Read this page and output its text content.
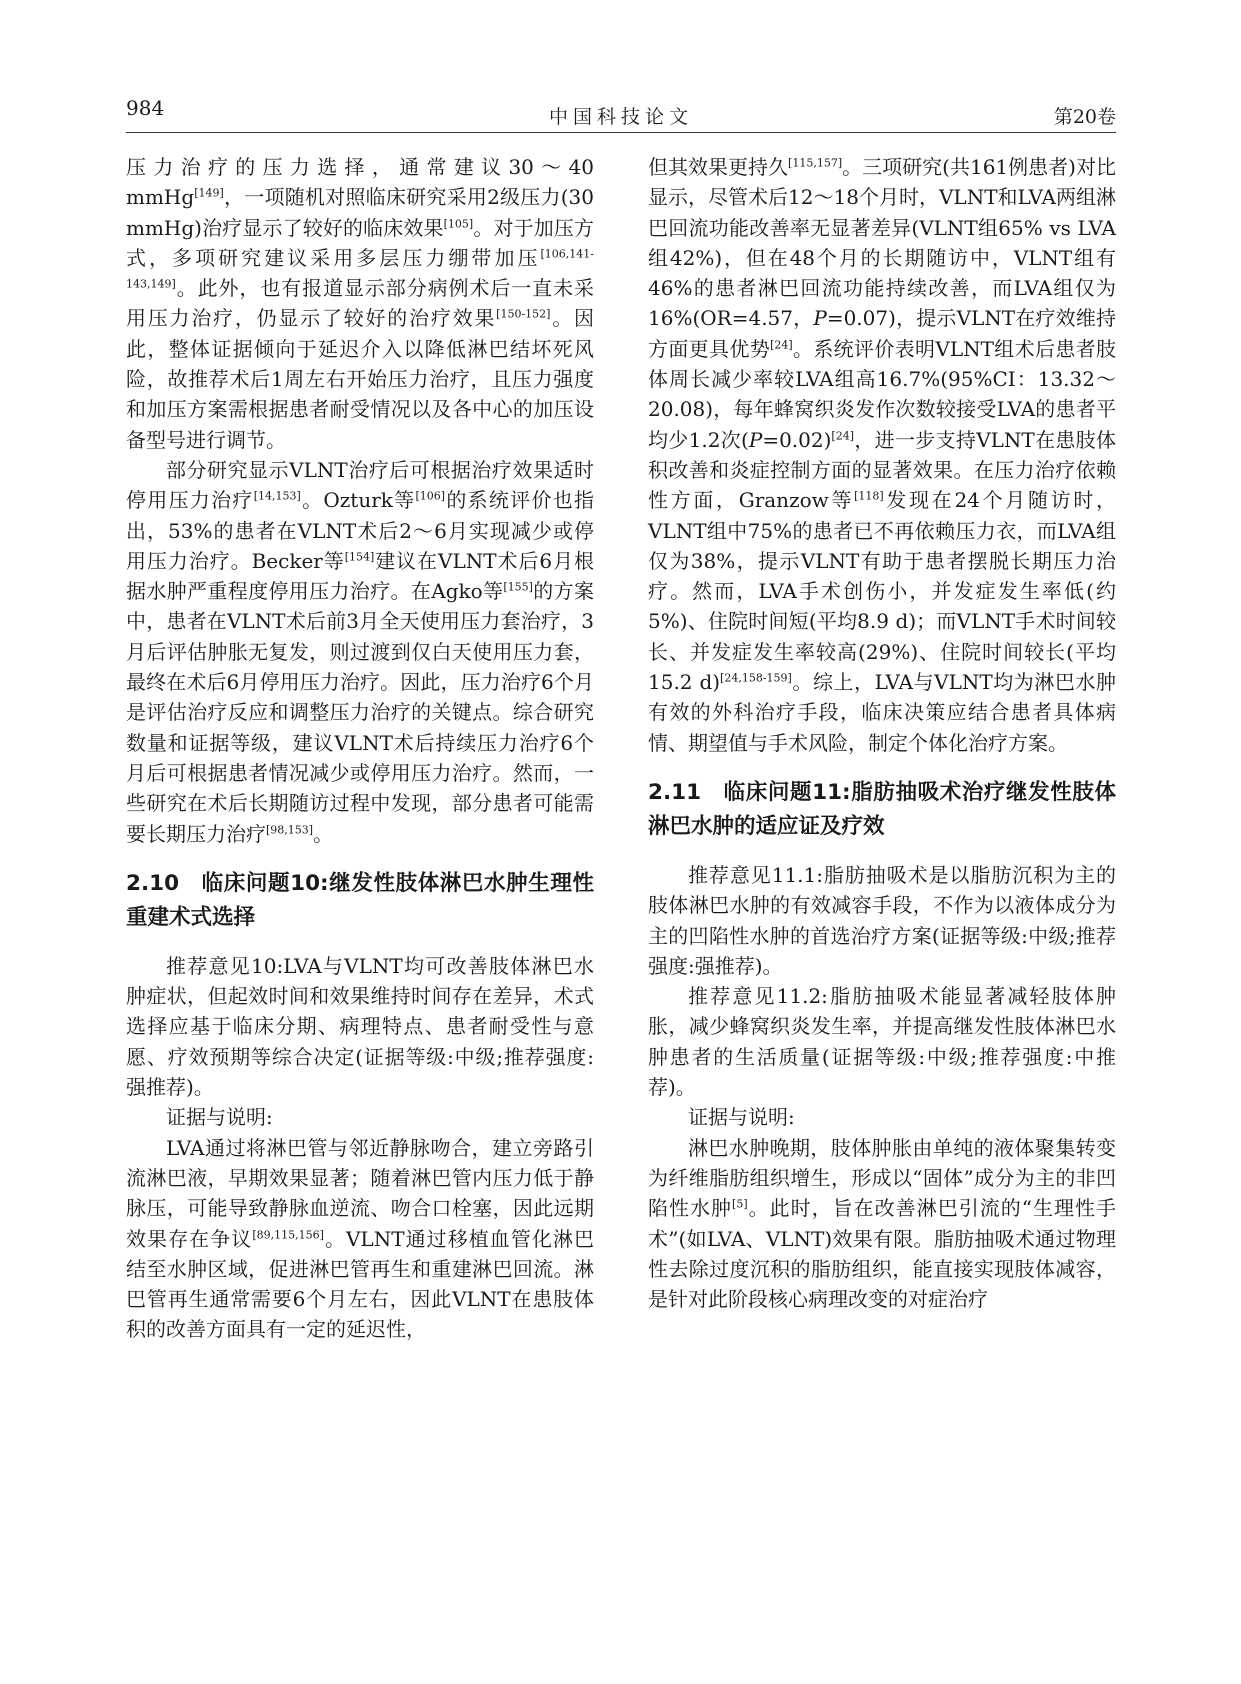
984	中国科技论文	第20卷

压力治疗的压力选择，通常建议30～40 mmHg[149]，一项随机对照临床研究采用2级压力(30 mmHg)治疗显示了较好的临床效果[105]。对于加压方式，多项研究建议采用多层压力绷带加压[106,141-143,149]。此外，也有报道显示部分病例术后一直未采用压力治疗，仍显示了较好的治疗效果[150-152]。因此，整体证据倾向于延迟介入以降低淋巴结坏死风险，故推荐术后1周左右开始压力治疗，且压力强度和加压方案需根据患者耐受情况以及各中心的加压设备型号进行调节。

部分研究显示VLNT治疗后可根据治疗效果适时停用压力治疗[14,153]。Ozturk等[106]的系统评价也指出，53%的患者在VLNT术后2～6月实现减少或停用压力治疗。Becker等[154]建议在VLNT术后6月根据水肿严重程度停用压力治疗。在Agko等[155]的方案中，患者在VLNT术后前3月全天使用压力套治疗，3月后评估肿胀无复发，则过渡到仅白天使用压力套，最终在术后6月停用压力治疗。因此，压力治疗6个月是评估治疗反应和调整压力治疗的关键点。综合研究数量和证据等级，建议VLNT术后持续压力治疗6个月后可根据患者情况减少或停用压力治疗。然而，一些研究在术后长期随访过程中发现，部分患者可能需要长期压力治疗[98,153]。

2.10 临床问题10:继发性肢体淋巴水肿生理性重建术式选择

推荐意见10:LVA与VLNT均可改善肢体淋巴水肿症状，但起效时间和效果维持时间存在差异，术式选择应基于临床分期、病理特点、患者耐受性与意愿、疗效预期等综合决定(证据等级:中级;推荐强度:强推荐)。

证据与说明:

LVA通过将淋巴管与邻近静脉吻合，建立旁路引流淋巴液，早期效果显著；随着淋巴管内压力低于静脉压，可能导致静脉血逆流、吻合口栓塞，因此远期效果存在争议[89,115,156]。VLNT通过移植血管化淋巴结至水肿区域，促进淋巴管再生和重建淋巴回流。淋巴管再生通常需要6个月左右，因此VLNT在患肢体积的改善方面具有一定的延迟性，

但其效果更持久[115,157]。三项研究(共161例患者)对比显示，尽管术后12～18个月时，VLNT和LVA两组淋巴回流功能改善率无显著差异(VLNT组65% vs LVA组42%)，但在48个月的长期随访中，VLNT组有46%的患者淋巴回流功能持续改善，而LVA组仅为16%(OR=4.57，P=0.07)，提示VLNT在疗效维持方面更具优势[24]。系统评价表明VLNT组术后患者肢体周长减少率较LVA组高16.7%(95%CI：13.32～20.08)，每年蜂窝织炎发作次数较接受LVA的患者平均少1.2次(P=0.02)[24]，进一步支持VLNT在患肢体积改善和炎症控制方面的显著效果。在压力治疗依赖性方面，Granzow等[118]发现在24个月随访时，VLNT组中75%的患者已不再依赖压力衣，而LVA组仅为38%，提示VLNT有助于患者摆脱长期压力治疗。然而，LVA手术创伤小，并发症发生率低(约5%)、住院时间短(平均8.9 d)；而VLNT手术时间较长、并发症发生率较高(29%)、住院时间较长(平均15.2 d)[24,158-159]。综上，LVA与VLNT均为淋巴水肿有效的外科治疗手段，临床决策应结合患者具体病情、期望值与手术风险，制定个体化治疗方案。

2.11 临床问题11:脂肪抽吸术治疗继发性肢体淋巴水肿的适应证及疗效

推荐意见11.1:脂肪抽吸术是以脂肪沉积为主的肢体淋巴水肿的有效减容手段，不作为以液体成分为主的凹陷性水肿的首选治疗方案(证据等级:中级;推荐强度:强推荐)。

推荐意见11.2:脂肪抽吸术能显著减轻肢体肿胀，减少蜂窝织炎发生率，并提高继发性肢体淋巴水肿患者的生活质量(证据等级:中级;推荐强度:中推荐)。

证据与说明:

淋巴水肿晚期，肢体肿胀由单纯的液体聚集转变为纤维脂肪组织增生，形成以“固体”成分为主的非凹陷性水肿[5]。此时，旨在改善淋巴引流的“生理性手术”(如LVA、VLNT)效果有限。脂肪抽吸术通过物理性去除过度沉积的脂肪组织，能直接实现肢体减容，是针对此阶段核心病理改变的对症治疗
